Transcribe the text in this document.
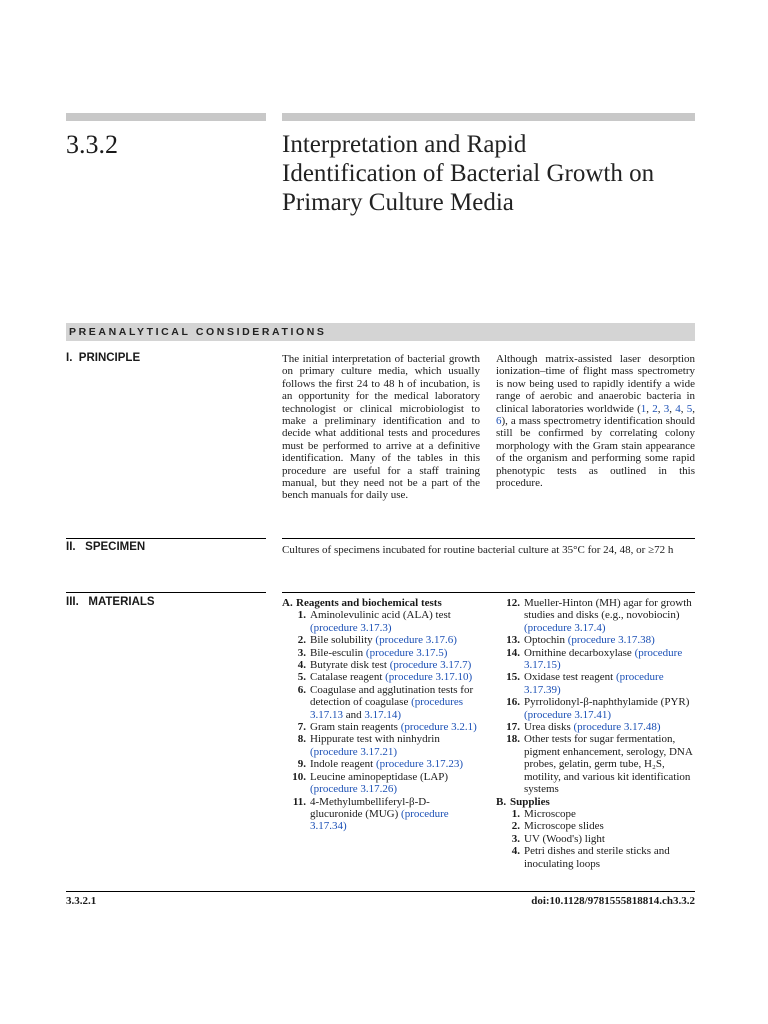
3.3.2	Interpretation and Rapid
Identification of Bacterial Growth on
Primary Culture Media
PREANALYTICAL CONSIDERATIONS
I.  PRINCIPLE	The initial interpretation of bacterial growth on primary culture media, which usually follows the first 24 to 48 h of incubation, is an opportunity for the medical laboratory technologist or clinical microbiologist to make a preliminary identification and to decide what additional tests and procedures must be performed to arrive at a definitive identification. Many of the tables in this procedure are useful for a staff training manual, but they need not be a part of the bench manuals for daily use.
Although matrix-assisted laser desorption ionization–time of flight mass spectrometry is now being used to rapidly identify a wide range of aerobic and anaerobic bacteria in clinical laboratories worldwide (1, 2, 3, 4, 5, 6), a mass spectrometry identification should still be confirmed by correlating colony morphology with the Gram stain appearance of the organism and performing some rapid phenotypic tests as outlined in this procedure.
II.   SPECIMEN	Cultures of specimens incubated for routine bacterial culture at 35°C for 24, 48, or ≥72 h
III.   MATERIALS	A. Reagents and biochemical tests
1. Aminolevulinic acid (ALA) test (procedure 3.17.3)
2. Bile solubility (procedure 3.17.6)
3. Bile-esculin (procedure 3.17.5)
4. Butyrate disk test (procedure 3.17.7)
5. Catalase reagent (procedure 3.17.10)
6. Coagulase and agglutination tests for detection of coagulase (procedures 3.17.13 and 3.17.14)
7. Gram stain reagents (procedure 3.2.1)
8. Hippurate test with ninhydrin (procedure 3.17.21)
9. Indole reagent (procedure 3.17.23)
10. Leucine aminopeptidase (LAP) (procedure 3.17.26)
11. 4-Methylumbelliferyl-β-D-glucuronide (MUG) (procedure 3.17.34)
12. Mueller-Hinton (MH) agar for growth studies and disks (e.g., novobiocin) (procedure 3.17.4)
13. Optochin (procedure 3.17.38)
14. Ornithine decarboxylase (procedure 3.17.15)
15. Oxidase test reagent (procedure 3.17.39)
16. Pyrrolidonyl-β-naphthylamide (PYR) (procedure 3.17.41)
17. Urea disks (procedure 3.17.48)
18. Other tests for sugar fermentation, pigment enhancement, serology, DNA probes, gelatin, germ tube, H₂S, motility, and various kit identification systems
B. Supplies
1. Microscope
2. Microscope slides
3. UV (Wood's) light
4. Petri dishes and sterile sticks and inoculating loops
3.3.2.1	doi:10.1128/9781555818814.ch3.3.2
